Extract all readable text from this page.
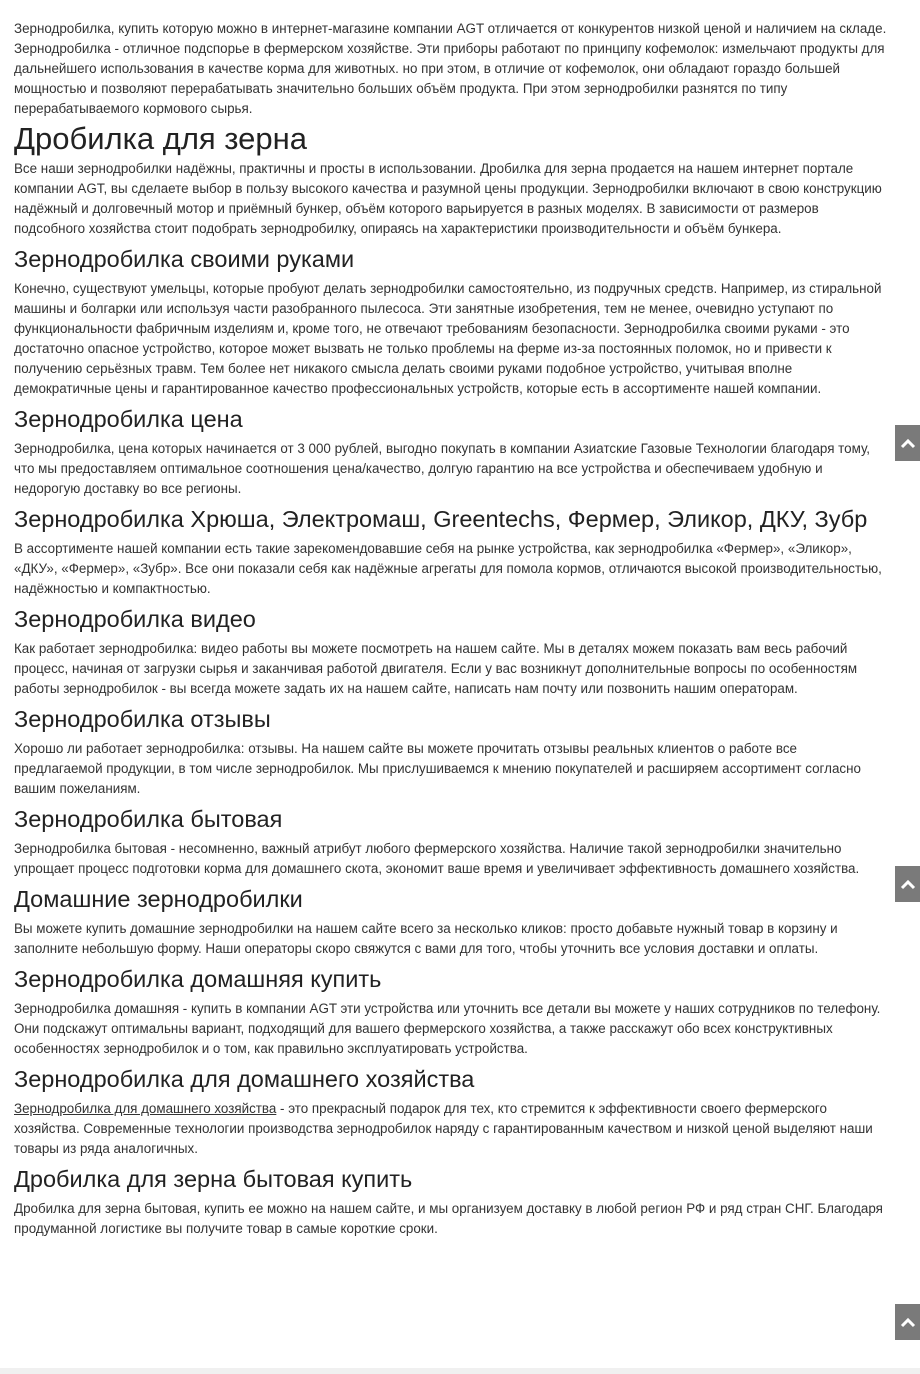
Зернодробилка, купить которую можно в интернет-магазине компании AGT отличается от конкурентов низкой ценой и наличием на складе. Зернодробилка - отличное подспорье в фермерском хозяйстве. Эти приборы работают по принципу кофемолок: измельчают продукты для дальнейшего использования в качестве корма для животных. но при этом, в отличие от кофемолок, они обладают гораздо большей мощностью и позволяют перерабатывать значительно больших объём продукта. При этом зернодробилки разнятся по типу перерабатываемого кормового сырья.

Дробилка для зерна

Все наши зернодробилки надёжны, практичны и просты в использовании. Дробилка для зерна продается на нашем интернет портале компании AGT, вы сделаете выбор в пользу высокого качества и разумной цены продукции. Зернодробилки включают в свою конструкцию надёжный и долговечный мотор и приёмный бункер, объём которого варьируется в разных моделях. В зависимости от размеров подсобного хозяйства стоит подобрать зернодробилку, опираясь на характеристики производительности и объём бункера.

Зернодробилка своими руками

Конечно, существуют умельцы, которые пробуют делать зернодробилки самостоятельно, из подручных средств. Например, из стиральной машины и болгарки или используя части разобранного пылесоса. Эти занятные изобретения, тем не менее, очевидно уступают по функциональности фабричным изделиям и, кроме того, не отвечают требованиям безопасности. Зернодробилка своими руками - это достаточно опасное устройство, которое может вызвать не только проблемы на ферме из-за постоянных поломок, но и привести к получению серьёзных травм. Тем более нет никакого смысла делать своими руками подобное устройство, учитывая вполне демократичные цены и гарантированное качество профессиональных устройств, которые есть в ассортименте нашей компании.

Зернодробилка цена

Зернодробилка, цена которых начинается от 3 000 рублей, выгодно покупать в компании Азиатские Газовые Технологии благодаря тому, что мы предоставляем оптимальное соотношения цена/качество, долгую гарантию на все устройства и обеспечиваем удобную и недорогую доставку во все регионы.

Зернодробилка Хрюша, Электромаш, Greentechs, Фермер, Эликор, ДКУ, Зубр

В ассортименте нашей компании есть такие зарекомендовавшие себя на рынке устройства, как зернодробилка «Фермер», «Эликор», «ДКУ», «Фермер», «Зубр». Все они показали себя как надёжные агрегаты для помола кормов, отличаются высокой производительностью, надёжностью и компактностью.

Зернодробилка видео

Как работает зернодробилка: видео работы вы можете посмотреть на нашем сайте. Мы в деталях можем показать вам весь рабочий процесс, начиная от загрузки сырья и заканчивая работой двигателя. Если у вас возникнут дополнительные вопросы по особенностям работы зернодробилок - вы всегда можете задать их на нашем сайте, написать нам почту или позвонить нашим операторам.

Зернодробилка отзывы

Хорошо ли работает зернодробилка: отзывы. На нашем сайте вы можете прочитать отзывы реальных клиентов о работе все предлагаемой продукции, в том числе зернодробилок. Мы прислушиваемся к мнению покупателей и расширяем ассортимент согласно вашим пожеланиям.

Зернодробилка бытовая

Зернодробилка бытовая - несомненно, важный атрибут любого фермерского хозяйства. Наличие такой зернодробилки значительно упрощает процесс подготовки корма для домашнего скота, экономит ваше время и увеличивает эффективность домашнего хозяйства.

Домашние зернодробилки

Вы можете купить домашние зернодробилки на нашем сайте всего за несколько кликов: просто добавьте нужный товар в корзину и заполните небольшую форму. Наши операторы скоро свяжутся с вами для того, чтобы уточнить все условия доставки и оплаты.

Зернодробилка домашняя купить

Зернодробилка домашняя - купить в компании AGT эти устройства или уточнить все детали вы можете у наших сотрудников по телефону. Они подскажут оптимальны вариант, подходящий для вашего фермерского хозяйства, а также расскажут обо всех конструктивных особенностях зернодробилок и о том, как правильно эксплуатировать устройства.

Зернодробилка для домашнего хозяйства

Зернодробилка для домашнего хозяйства - это прекрасный подарок для тех, кто стремится к эффективности своего фермерского хозяйства. Современные технологии производства зернодробилок наряду с гарантированным качеством и низкой ценой выделяют наши товары из ряда аналогичных.

Дробилка для зерна бытовая купить

Дробилка для зерна бытовая, купить ее можно на нашем сайте, и мы организуем доставку в любой регион РФ и ряд стран СНГ. Благодаря продуманной логистике вы получите товар в самые короткие сроки.
